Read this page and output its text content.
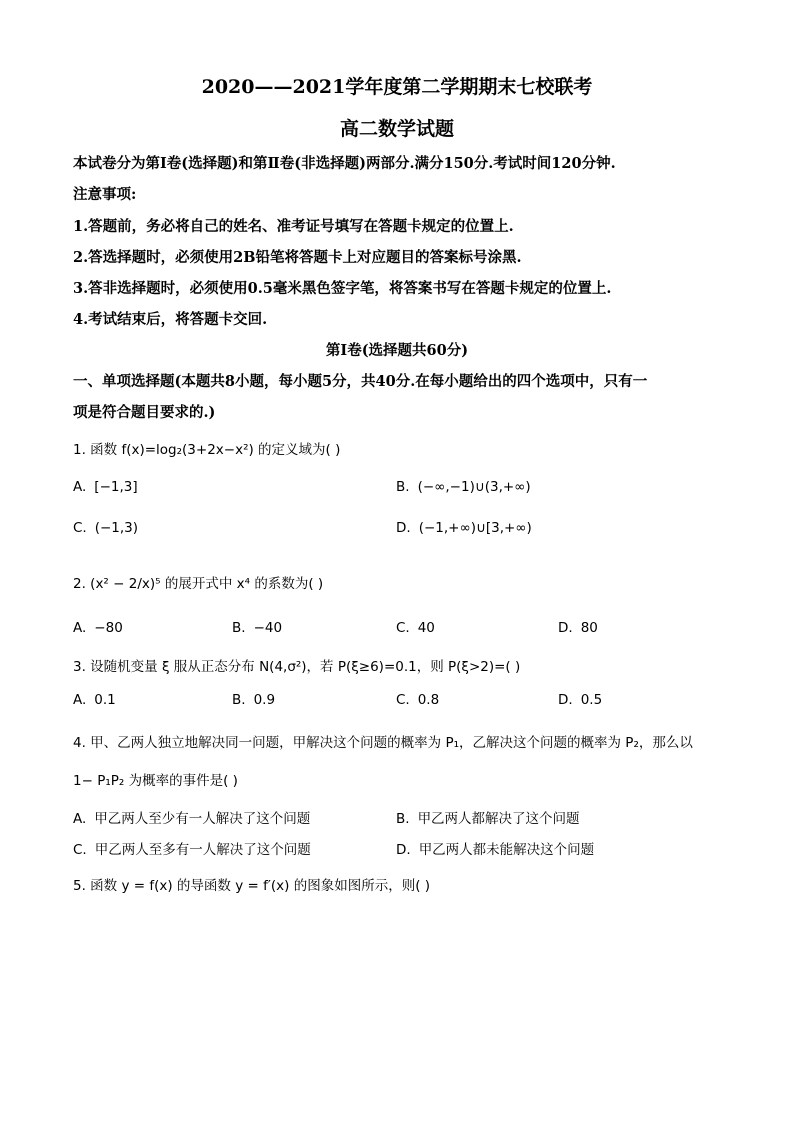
2020——2021学年度第二学期期末七校联考
高二数学试题
本试卷分为第Ⅰ卷(选择题)和第Ⅱ卷(非选择题)两部分.满分150分.考试时间120分钟.
注意事项:
1.答题前，务必将自己的姓名、准考证号填写在答题卡规定的位置上.
2.答选择题时，必须使用2B铅笔将答题卡上对应题目的答案标号涂黑.
3.答非选择题时，必须使用0.5毫米黑色签字笔，将答案书写在答题卡规定的位置上.
4.考试结束后，将答题卡交回.
第Ⅰ卷(选择题共60分)
一、单项选择题(本题共8小题，每小题5分，共40分.在每小题给出的四个选项中，只有一
项是符合题目要求的.)
1. 函数 f(x)=log₂(3+2x−x²) 的定义域为( )
A. [−1,3]	B. (−∞,−1)∪(3,+∞)
C. (−1,3)	D. (−1,+∞)∪[3,+∞)
2. (x² − 2/x)⁵ 的展开式中 x⁴ 的系数为( )
A. −80	B. −40	C. 40	D. 80
3. 设随机变量 ξ 服从正态分布 N(4,σ²)，若 P(ξ≥6)=0.1，则 P(ξ>2)=( )
A. 0.1	B. 0.9	C. 0.8	D. 0.5
4. 甲、乙两人独立地解决同一问题，甲解决这个问题的概率为 P₁，乙解决这个问题的概率为 P₂，那么以
1− P₁P₂ 为概率的事件是( )
A. 甲乙两人至少有一人解决了这个问题	B. 甲乙两人都解决了这个问题
C. 甲乙两人至多有一人解决了这个问题	D. 甲乙两人都未能解决这个问题
5. 函数 y = f(x) 的导函数 y = f′(x) 的图象如图所示，则( )
